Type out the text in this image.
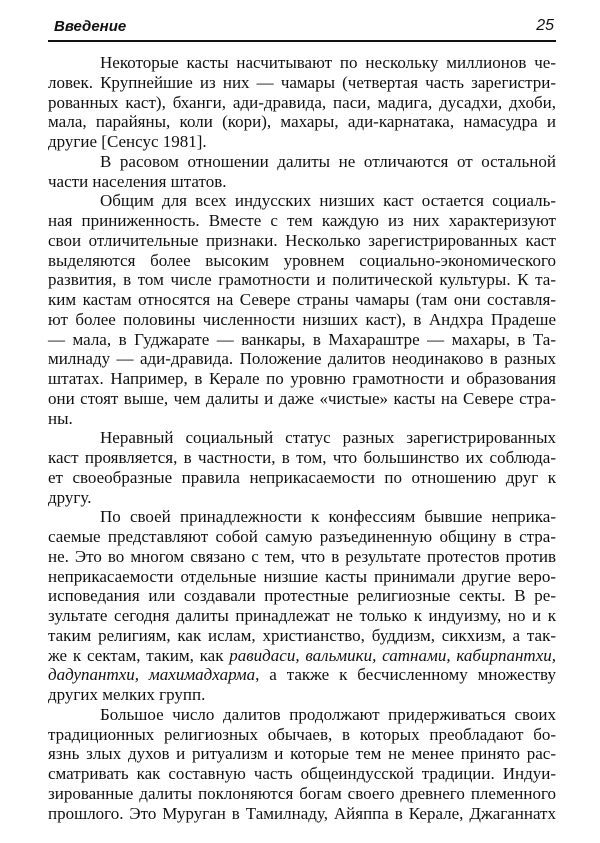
Введение	25
Некоторые касты насчитывают по нескольку миллионов че-
ловек. Крупнейшие из них — чамары (четвертая часть зарегистри-
рованных каст), бханги, ади-дравида, паси, мадига, дусадхи, дхоби,
мала, парайяны, коли (кори), махары, ади-карнатака, намасудра и
другие [Сенсус 1981].
В расовом отношении далиты не отличаются от остальной
части населения штатов.
Общим для всех индусских низших каст остается социаль-
ная приниженность. Вместе с тем каждую из них характеризуют
свои отличительные признаки. Несколько зарегистрированных каст
выделяются более высоким уровнем социально-экономического
развития, в том числе грамотности и политической культуры. К та-
ким кастам относятся на Севере страны чамары (там они составля-
ют более половины численности низших каст), в Андхра Прадеше
— мала, в Гуджарате — ванкары, в Махараштре — махары, в Та-
милнаду — ади-дравида. Положение далитов неодинаково в разных
штатах. Например, в Керале по уровню грамотности и образования
они стоят выше, чем далиты и даже «чистые» касты на Севере стра-
ны.
Неравный социальный статус разных зарегистрированных
каст проявляется, в частности, в том, что большинство их соблюда-
ет своеобразные правила неприкасаемости по отношению друг к
другу.
По своей принадлежности к конфессиям бывшие неприка-
саемые представляют собой самую разъединенную общину в стра-
не. Это во многом связано с тем, что в результате протестов против
неприкасаемости отдельные низшие касты принимали другие веро-
исповедания или создавали протестные религиозные секты. В ре-
зультате сегодня далиты принадлежат не только к индуизму, но и к
таким религиям, как ислам, христианство, буддизм, сикхизм, а так-
же к сектам, таким, как равидаси, вальмики, сатнами, кабирпантхи,
дадупантхи, махимадхарма, а также к бесчисленному множеству
других мелких групп.
Большое число далитов продолжают придерживаться своих
традиционных религиозных обычаев, в которых преобладают бо-
язнь злых духов и ритуализм и которые тем не менее принято рас-
сматривать как составную часть общеиндусской традиции. Индуи-
зированные далиты поклоняются богам своего древнего племенного
прошлого. Это Муруган в Тамилнаду, Айяппа в Керале, Джаганнатх
